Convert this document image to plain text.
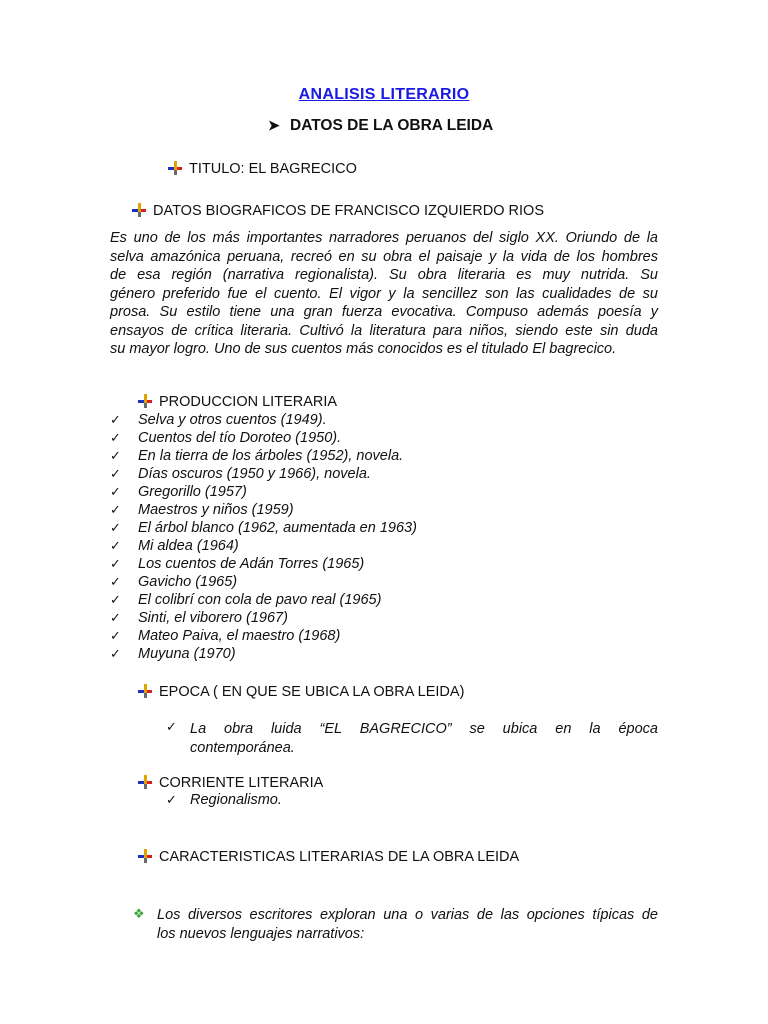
ANALISIS LITERARIO
➤ DATOS DE LA OBRA LEIDA
TITULO: EL BAGRECICO
DATOS BIOGRAFICOS DE FRANCISCO IZQUIERDO RIOS
Es uno de los más importantes narradores peruanos del siglo XX. Oriundo de la
selva amazónica peruana, recreó en su obra el paisaje y la vida de los hombres
de esa región (narrativa regionalista). Su obra literaria es muy nutrida. Su
género preferido fue el cuento. El vigor y la sencillez son las cualidades de su
prosa. Su estilo tiene una gran fuerza evocativa. Compuso además poesía y
ensayos de crítica literaria. Cultivó la literatura para niños, siendo este sin duda
su mayor logro. Uno de sus cuentos más conocidos es el titulado El bagrecico.
PRODUCCION LITERARIA
✓ Selva y otros cuentos (1949).
✓ Cuentos del tío Doroteo (1950).
✓ En la tierra de los árboles (1952), novela.
✓ Días oscuros (1950 y 1966), novela.
✓ Gregorillo (1957)
✓ Maestros y niños (1959)
✓ El árbol blanco (1962, aumentada en 1963)
✓ Mi aldea (1964)
✓ Los cuentos de Adán Torres (1965)
✓ Gavicho (1965)
✓ El colibrí con cola de pavo real (1965)
✓ Sinti, el viborero (1967)
✓ Mateo Paiva, el maestro (1968)
✓ Muyuna (1970)
EPOCA ( EN QUE SE UBICA LA OBRA LEIDA)
✓ La obra luida “EL BAGRECICO” se ubica en la época
contemporánea.
CORRIENTE LITERARIA
✓ Regionalismo.
CARACTERISTICAS LITERARIAS DE LA OBRA LEIDA
❖ Los diversos escritores exploran una o varias de las opciones típicas de
los nuevos lenguajes narrativos:
